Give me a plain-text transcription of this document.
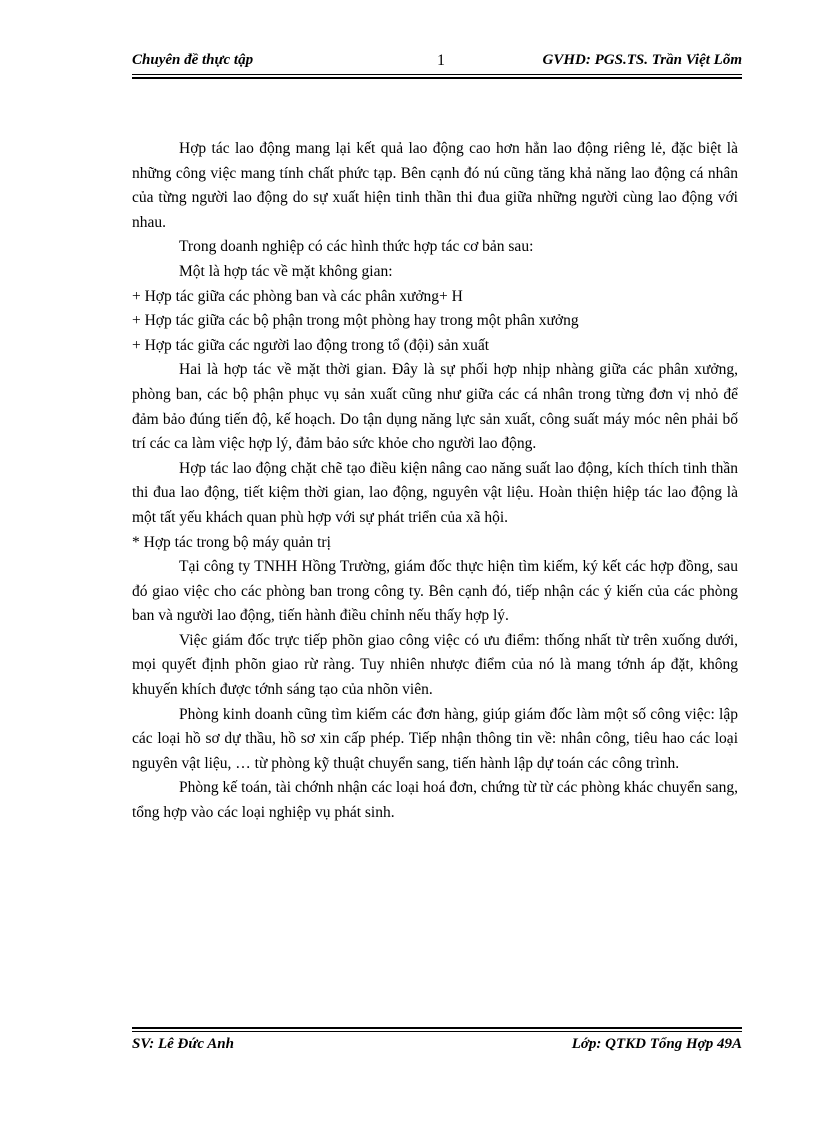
Chuyên đề thực tập	1	GVHD: PGS.TS. Trần Việt Lõm

Hợp tác lao động mang lại kết quả lao động cao hơn hẳn lao động riêng lẻ, đặc biệt là những công việc mang tính chất phức tạp. Bên cạnh đó nú cũng tăng khả năng lao động cá nhân của từng người lao động do sự xuất hiện tinh thần thi đua giữa những người cùng lao động với nhau.

Trong doanh nghiệp có các hình thức hợp tác cơ bản sau:

Một là hợp tác về mặt không gian:

+ Hợp tác giữa các phòng ban và các phân xưởng+ H

+ Hợp tác giữa các bộ phận trong một phòng hay trong một phân xưởng

+ Hợp tác giữa các người lao động trong tổ (đội) sản xuất

Hai là hợp tác về mặt thời gian. Đây là sự phối hợp nhịp nhàng giữa các phân xưởng, phòng ban, các bộ phận phục vụ sản xuất cũng như giữa các cá nhân trong từng đơn vị nhỏ để đảm bảo đúng tiến độ, kế hoạch. Do tận dụng năng lực sản xuất, công suất máy móc nên phải bố trí các ca làm việc hợp lý, đảm bảo sức khỏe cho người lao động.

Hợp tác lao động chặt chẽ tạo điều kiện nâng cao năng suất lao động, kích thích tinh thần thi đua lao động, tiết kiệm thời gian, lao động, nguyên vật liệu. Hoàn thiện hiệp tác lao động là một tất yếu khách quan phù hợp với sự phát triển của xã hội.

* Hợp tác trong bộ máy quản trị

Tại công ty TNHH Hồng Trường, giám đốc thực hiện tìm kiếm, ký kết các hợp đồng, sau đó giao việc cho các phòng ban trong công ty. Bên cạnh đó, tiếp nhận các ý kiến của các phòng ban và người lao động, tiến hành điều chỉnh nếu thấy hợp lý.

Việc giám đốc trực tiếp phõn giao công việc có ưu điểm: thống nhất từ trên xuống dưới, mọi quyết định phõn giao rừ ràng. Tuy nhiên nhược điểm của nó là mang tớnh áp đặt, không khuyến khích được tớnh sáng tạo của nhõn viên.

Phòng kinh doanh cũng tìm kiếm các đơn hàng, giúp giám đốc làm một số công việc: lập các loại hồ sơ dự thầu, hồ sơ xin cấp phép. Tiếp nhận thông tin về: nhân công, tiêu hao các loại nguyên vật liệu, … từ phòng kỹ thuật chuyển sang, tiến hành lập dự toán các công trình.

Phòng kế toán, tài chớnh nhận các loại hoá đơn, chứng từ từ các phòng khác chuyển sang, tổng hợp vào các loại nghiệp vụ phát sinh.

SV: Lê Đức Anh	Lớp: QTKD Tổng Hợp 49A
